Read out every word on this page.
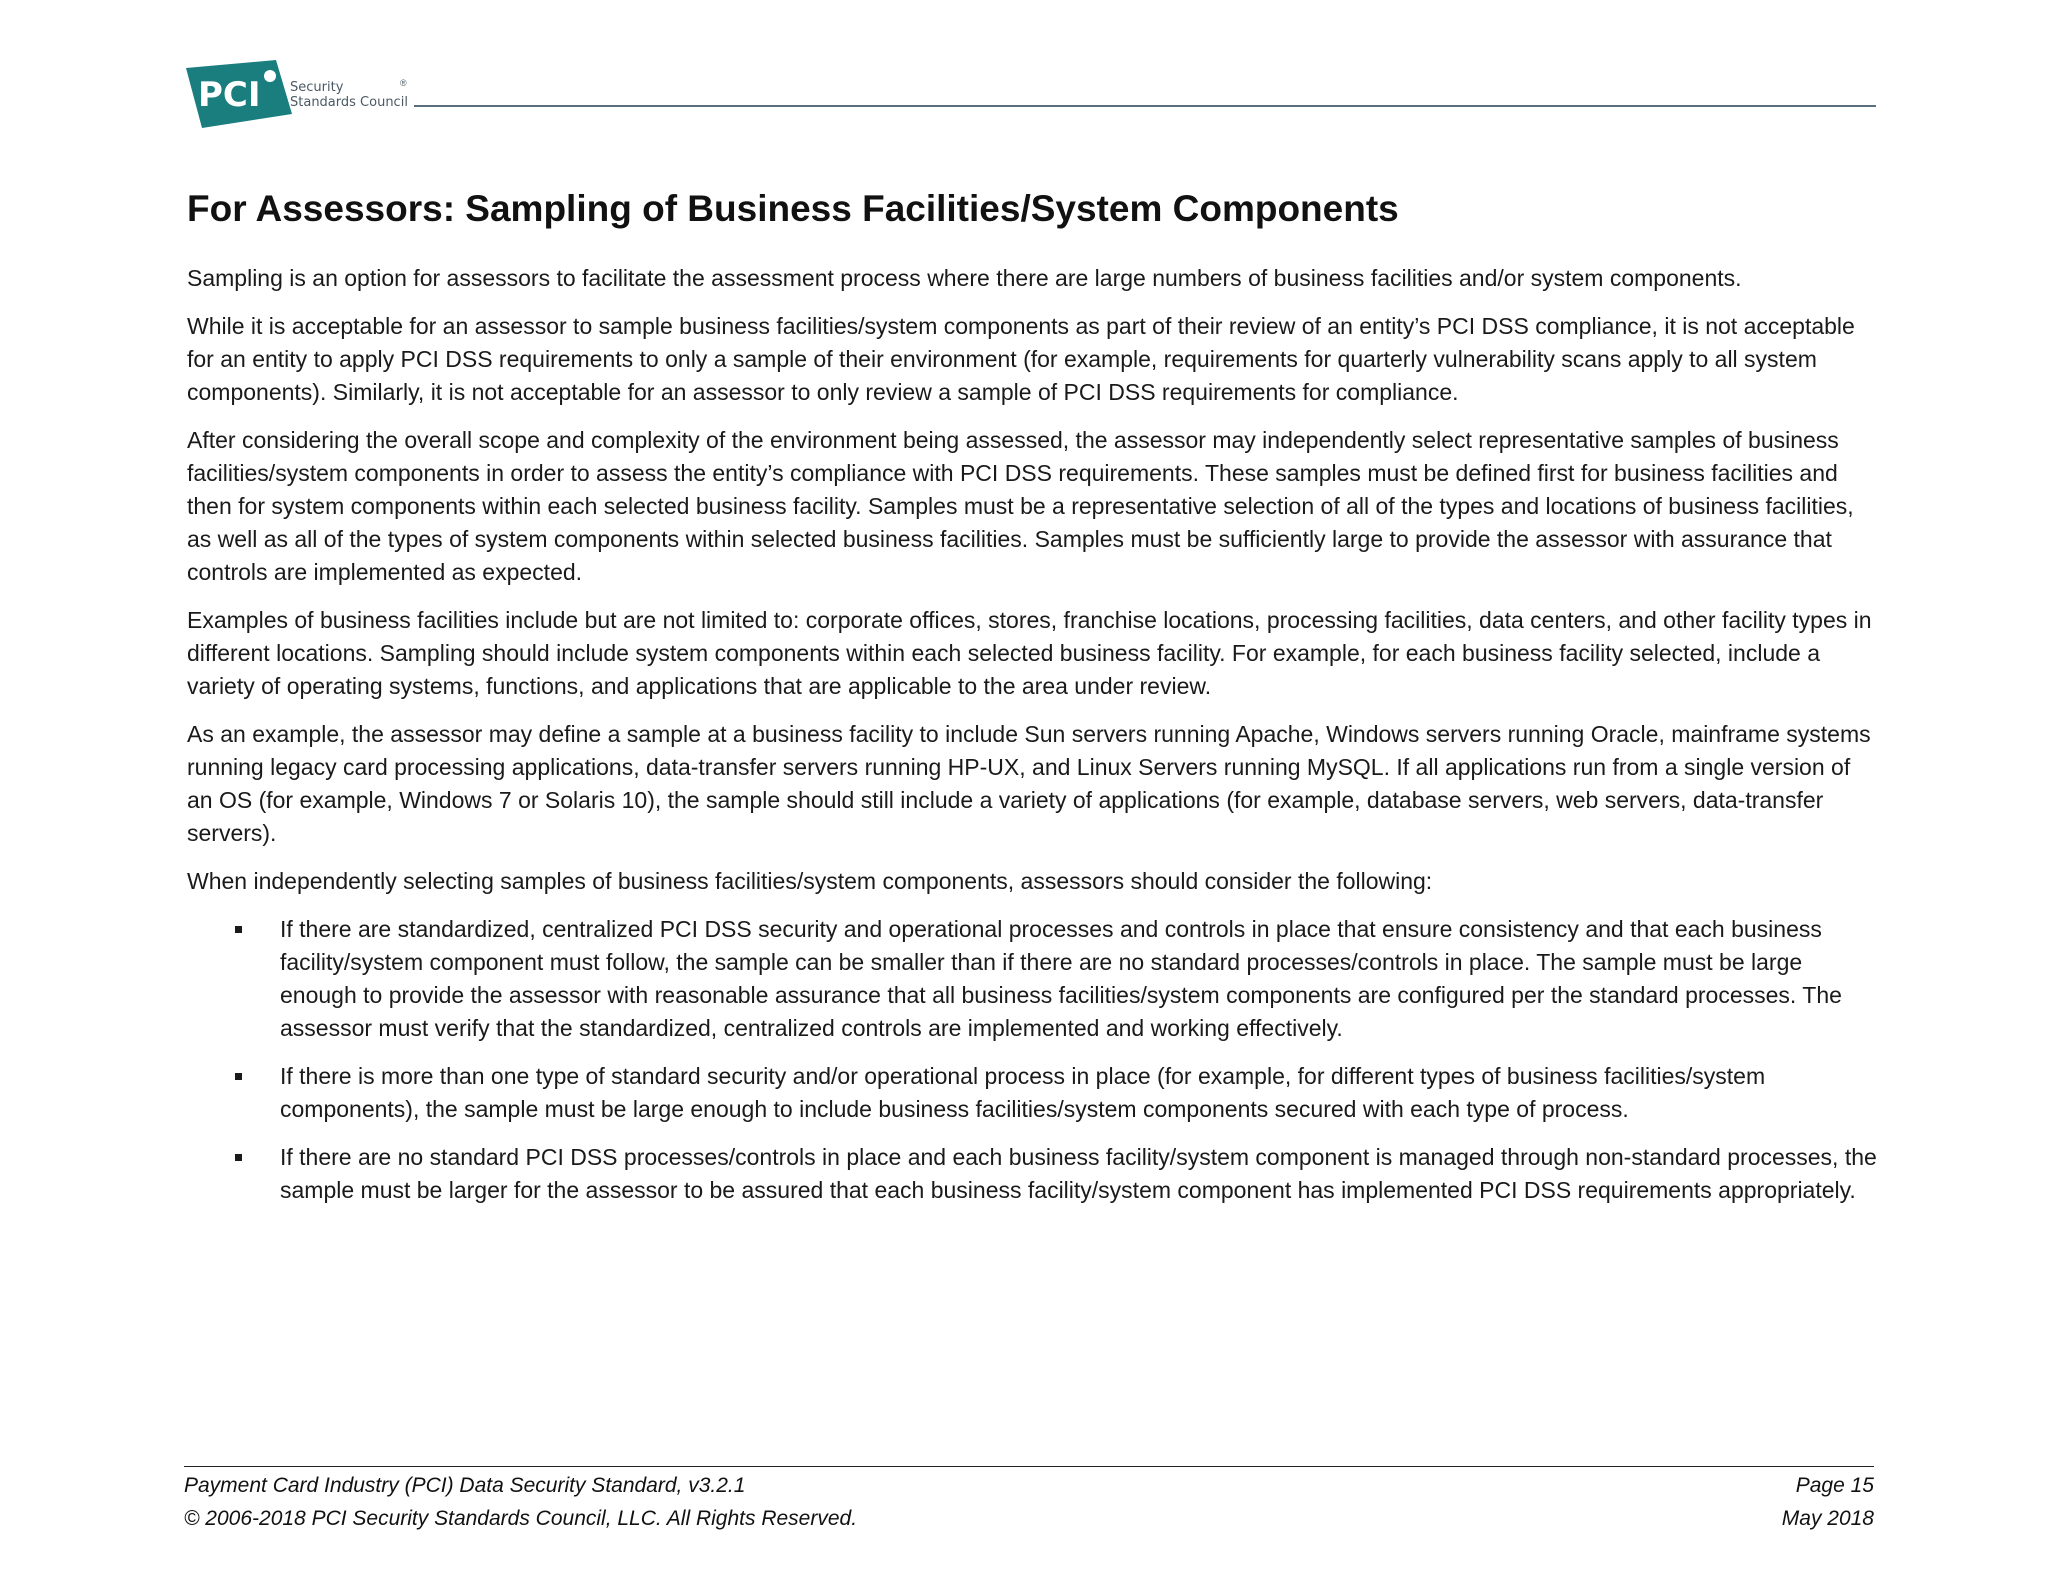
PCI Security
Standards Council
®
For Assessors: Sampling of Business Facilities/System Components

Sampling is an option for assessors to facilitate the assessment process where there are large numbers of business facilities and/or system components.

While it is acceptable for an assessor to sample business facilities/system components as part of their review of an entity’s PCI DSS compliance, it is not acceptable for an entity to apply PCI DSS requirements to only a sample of their environment (for example, requirements for quarterly vulnerability scans apply to all system components). Similarly, it is not acceptable for an assessor to only review a sample of PCI DSS requirements for compliance.

After considering the overall scope and complexity of the environment being assessed, the assessor may independently select representative samples of business facilities/system components in order to assess the entity’s compliance with PCI DSS requirements. These samples must be defined first for business facilities and then for system components within each selected business facility. Samples must be a representative selection of all of the types and locations of business facilities, as well as all of the types of system components within selected business facilities. Samples must be sufficiently large to provide the assessor with assurance that controls are implemented as expected.

Examples of business facilities include but are not limited to: corporate offices, stores, franchise locations, processing facilities, data centers, and other facility types in different locations. Sampling should include system components within each selected business facility. For example, for each business facility selected, include a variety of operating systems, functions, and applications that are applicable to the area under review.

As an example, the assessor may define a sample at a business facility to include Sun servers running Apache, Windows servers running Oracle, mainframe systems running legacy card processing applications, data-transfer servers running HP-UX, and Linux Servers running MySQL. If all applications run from a single version of an OS (for example, Windows 7 or Solaris 10), the sample should still include a variety of applications (for example, database servers, web servers, data-transfer servers).

When independently selecting samples of business facilities/system components, assessors should consider the following:

If there are standardized, centralized PCI DSS security and operational processes and controls in place that ensure consistency and that each business facility/system component must follow, the sample can be smaller than if there are no standard processes/controls in place. The sample must be large enough to provide the assessor with reasonable assurance that all business facilities/system components are configured per the standard processes. The assessor must verify that the standardized, centralized controls are implemented and working effectively.
If there is more than one type of standard security and/or operational process in place (for example, for different types of business facilities/system components), the sample must be large enough to include business facilities/system components secured with each type of process.
If there are no standard PCI DSS processes/controls in place and each business facility/system component is managed through non-standard processes, the sample must be larger for the assessor to be assured that each business facility/system component has implemented PCI DSS requirements appropriately.
Payment Card Industry (PCI) Data Security Standard, v3.2.1	Page 15
© 2006-2018 PCI Security Standards Council, LLC. All Rights Reserved.	May 2018
